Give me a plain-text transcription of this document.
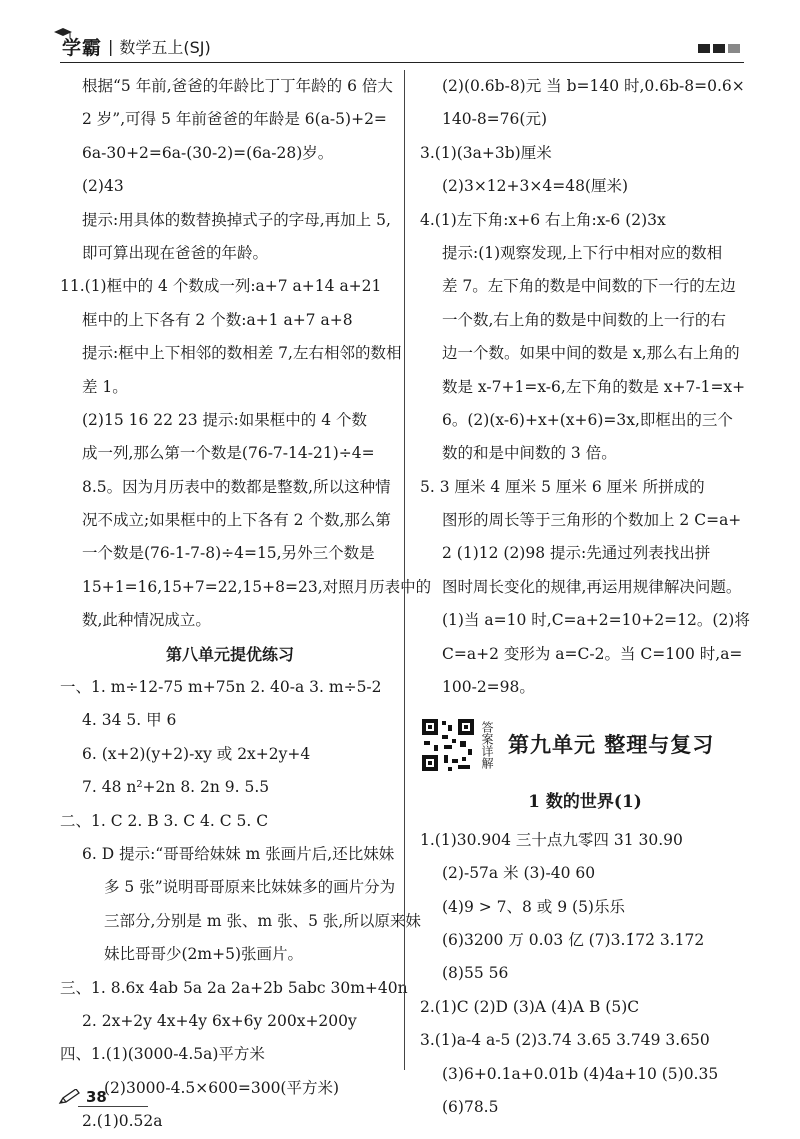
学霸 | 数学五上(SJ)
根据“5 年前,爸爸的年龄比丁丁年龄的 6 倍大
2 岁”,可得 5 年前爸爸的年龄是 6(a-5)+2=
6a-30+2=6a-(30-2)=(6a-28)岁。
(2)43
提示:用具体的数替换掉式子的字母,再加上 5,
即可算出现在爸爸的年龄。
11.(1)框中的 4 个数成一列:a+7 a+14 a+21
框中的上下各有 2 个数:a+1 a+7 a+8
提示:框中上下相邻的数相差 7,左右相邻的数相
差 1。
(2)15 16 22 23 提示:如果框中的 4 个数
成一列,那么第一个数是(76-7-14-21)÷4=
8.5。因为月历表中的数都是整数,所以这种情
况不成立;如果框中的上下各有 2 个数,那么第
一个数是(76-1-7-8)÷4=15,另外三个数是
15+1=16,15+7=22,15+8=23,对照月历表中的
数,此种情况成立。
第八单元提优练习
一、1. m÷12-75 m+75n 2. 40-a 3. m÷5-2
4. 34 5. 甲 6
6. (x+2)(y+2)-xy 或 2x+2y+4
7. 48 n²+2n 8. 2n 9. 5.5
二、1. C 2. B 3. C 4. C 5. C
6. D 提示:“哥哥给妹妹 m 张画片后,还比妹妹
多 5 张”说明哥哥原来比妹妹多的画片分为
三部分,分别是 m 张、m 张、5 张,所以原来妹
妹比哥哥少(2m+5)张画片。
三、1. 8.6x 4ab 5a 2a 2a+2b 5abc 30m+40n
2. 2x+2y 4x+4y 6x+6y 200x+200y
四、1.(1)(3000-4.5a)平方米
(2)3000-4.5×600=300(平方米)
2.(1)0.52a
(2)(0.6b-8)元 当 b=140 时,0.6b-8=0.6×
140-8=76(元)
3.(1)(3a+3b)厘米
(2)3×12+3×4=48(厘米)
4.(1)左下角:x+6 右上角:x-6 (2)3x
提示:(1)观察发现,上下行中相对应的数相
差 7。左下角的数是中间数的下一行的左边
一个数,右上角的数是中间数的上一行的右
边一个数。如果中间的数是 x,那么右上角的
数是 x-7+1=x-6,左下角的数是 x+7-1=x+
6。(2)(x-6)+x+(x+6)=3x,即框出的三个
数的和是中间数的 3 倍。
5. 3 厘米 4 厘米 5 厘米 6 厘米 所拼成的
图形的周长等于三角形的个数加上 2 C=a+
2 (1)12 (2)98 提示:先通过列表找出拼
图时周长变化的规律,再运用规律解决问题。
(1)当 a=10 时,C=a+2=10+2=12。(2)将
C=a+2 变形为 a=C-2。当 C=100 时,a=
100-2=98。
答案详解 第九单元 整理与复习
1 数的世界(1)
1.(1)30.904 三十点九零四 31 30.90
(2)-57a 米 (3)-40 60
(4)9 > 7、8 或 9 (5)乐乐
(6)3200 万 0.03 亿 (7)3.1̇72̇ 3.172
(8)55 56
2.(1)C (2)D (3)A (4)A B (5)C
3.(1)a-4 a-5 (2)3.74 3.65 3.749 3.650
(3)6+0.1a+0.01b (4)4a+10 (5)0.35
(6)78.5
38
